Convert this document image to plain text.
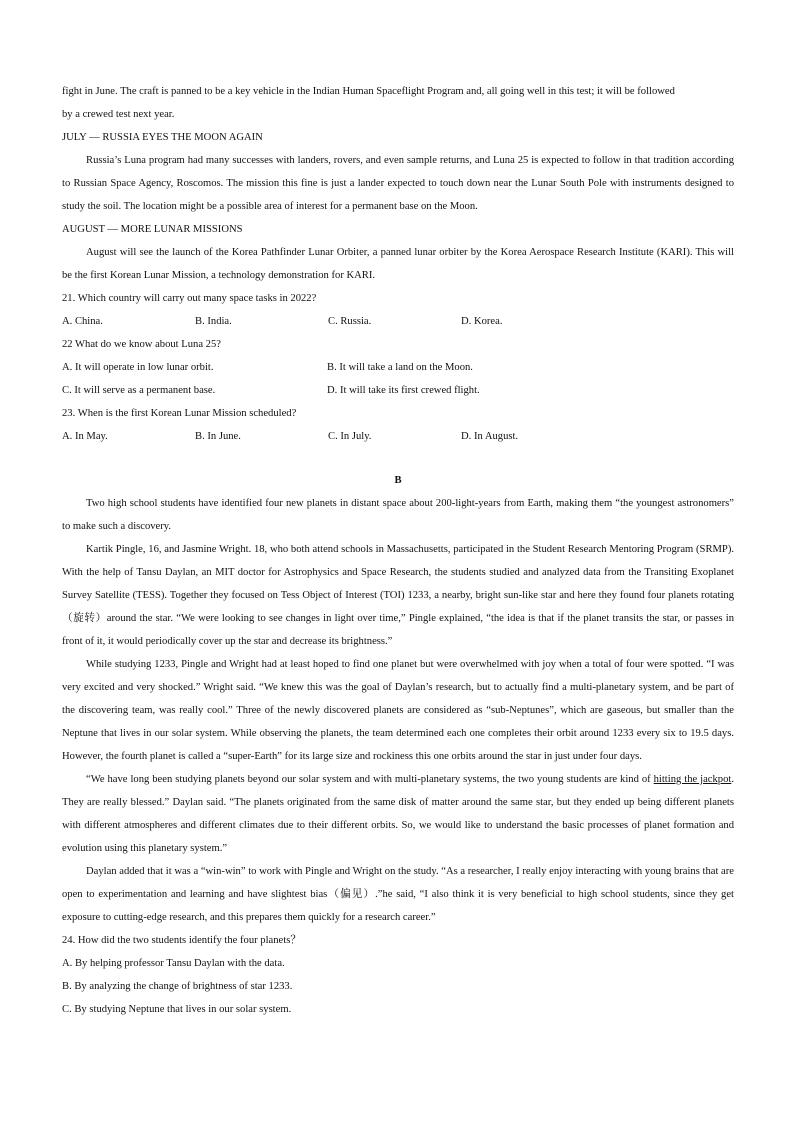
fight in June. The craft is panned to be a key vehicle in the Indian Human Spaceflight Program and, all going well in this test; it will be followed

by a crewed test next year.

JULY — RUSSIA EYES THE MOON AGAIN

Russia’s Luna program had many successes with landers, rovers, and even sample returns, and Luna 25 is expected to follow in that tradition according to Russian Space Agency, Roscomos. The mission this fine is just a lander expected to touch down near the Lunar South Pole with instruments designed to study the soil. The location might be a possible area of interest for a permanent base on the Moon.

AUGUST — MORE LUNAR MISSIONS

August will see the launch of the Korea Pathfinder Lunar Orbiter, a panned lunar orbiter by the Korea Aerospace Research Institute (KARI). This will be the first Korean Lunar Mission, a technology demonstration for KARI.

21. Which country will carry out many space tasks in 2022?

A. China.	B. India.	C. Russia.	D. Korea.

22 What do we know about Luna 25?

A. It will operate in low lunar orbit.	B. It will take a land on the Moon.
C. It will serve as a permanent base.	D. It will take its first crewed flight.

23. When is the first Korean Lunar Mission scheduled?

A. In May.	B. In June.	C. In July.	D. In August.

B

Two high school students have identified four new planets in distant space about 200-light-years from Earth, making them “the youngest astronomers” to make such a discovery.

Kartik Pingle, 16, and Jasmine Wright. 18, who both attend schools in Massachusetts, participated in the Student Research Mentoring Program (SRMP). With the help of Tansu Daylan, an MIT doctor for Astrophysics and Space Research, the students studied and analyzed data from the Transiting Exoplanet Survey Satellite (TESS). Together they focused on Tess Object of Interest (TOI) 1233, a nearby, bright sun-like star and here they found four planets rotating（旋转）around the star. “We were looking to see changes in light over time,” Pingle explained, “the idea is that if the planet transits the star, or passes in front of it, it would periodically cover up the star and decrease its brightness.”

While studying 1233, Pingle and Wright had at least hoped to find one planet but were overwhelmed with joy when a total of four were spotted. “I was very excited and very shocked.” Wright said. “We knew this was the goal of Daylan’s research, but to actually find a multi-planetary system, and be part of the discovering team, was really cool.” Three of the newly discovered planets are considered as “sub-Neptunes”, which are gaseous, but smaller than the Neptune that lives in our solar system. While observing the planets, the team determined each one completes their orbit around 1233 every six to 19.5 days. However, the fourth planet is called a “super-Earth” for its large size and rockiness this one orbits around the star in just under four days.

“We have long been studying planets beyond our solar system and with multi-planetary systems, the two young students are kind of hitting the jackpot. They are really blessed.” Daylan said. “The planets originated from the same disk of matter around the same star, but they ended up being different planets with different atmospheres and different climates due to their different orbits. So, we would like to understand the basic processes of planet formation and evolution using this planetary system.”

Daylan added that it was a “win-win” to work with Pingle and Wright on the study. “As a researcher, I really enjoy interacting with young brains that are open to experimentation and learning and have slightest bias（偏见）.”he said, “I also think it is very beneficial to high school students, since they get exposure to cutting-edge research, and this prepares them quickly for a research career.”

24. How did the two students identify the four planets？

A. By helping professor Tansu Daylan with the data.

B. By analyzing the change of brightness of star 1233.

C. By studying Neptune that lives in our solar system.
